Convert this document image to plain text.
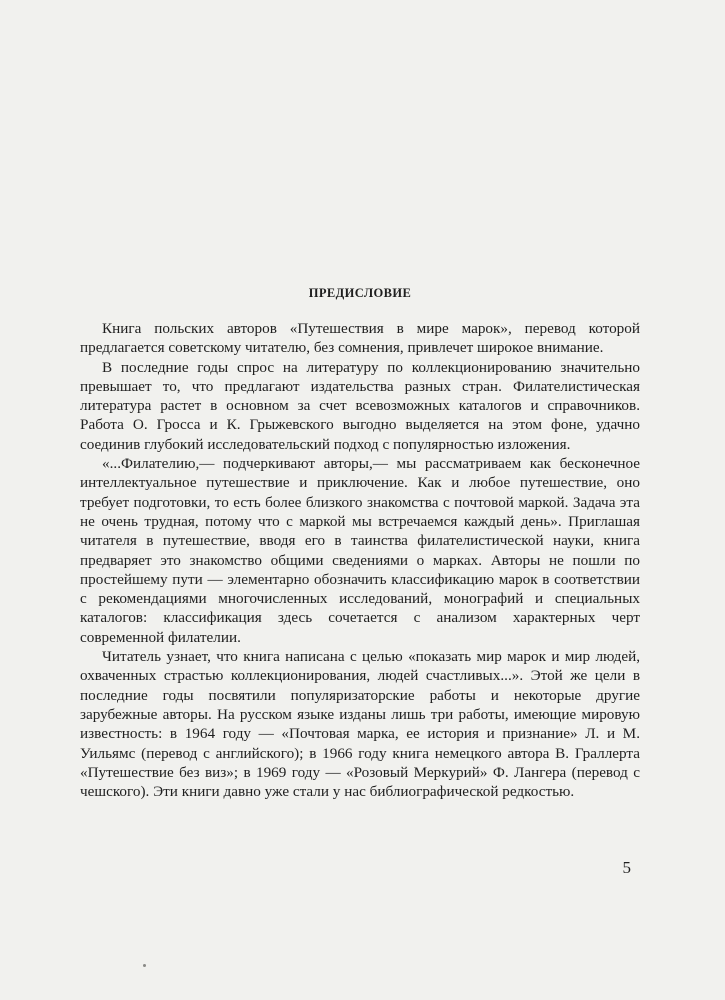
ПРЕДИСЛОВИЕ

Книга польских авторов «Путешествия в мире марок», перевод которой предлагается советскому читателю, без сомнения, привлечет широкое внимание.

В последние годы спрос на литературу по коллекционированию значительно превышает то, что предлагают издательства разных стран. Филателистическая литература растет в основном за счет всевозможных каталогов и справочников. Работа О. Гросса и К. Грыжевского выгодно выделяется на этом фоне, удачно соединив глубокий исследовательский подход с популярностью изложения.

«...Филателию,— подчеркивают авторы,— мы рассматриваем как бесконечное интеллектуальное путешествие и приключение. Как и любое путешествие, оно требует подготовки, то есть более близкого знакомства с почтовой маркой. Задача эта не очень трудная, потому что с маркой мы встречаемся каждый день». Приглашая читателя в путешествие, вводя его в таинства филателистической науки, книга предваряет это знакомство общими сведениями о марках. Авторы не пошли по простейшему пути — элементарно обозначить классификацию марок в соответствии с рекомендациями многочисленных исследований, монографий и специальных каталогов: классификация здесь сочетается с анализом характерных черт современной филателии.

Читатель узнает, что книга написана с целью «показать мир марок и мир людей, охваченных страстью коллекционирования, людей счастливых...». Этой же цели в последние годы посвятили популяризаторские работы и некоторые другие зарубежные авторы. На русском языке изданы лишь три работы, имеющие мировую известность: в 1964 году — «Почтовая марка, ее история и признание» Л. и М. Уильямс (перевод с английского); в 1966 году книга немецкого автора В. Граллерта «Путешествие без виз»; в 1969 году — «Розовый Меркурий» Ф. Лангера (перевод с чешского). Эти книги давно уже стали у нас библиографической редкостью.

5
